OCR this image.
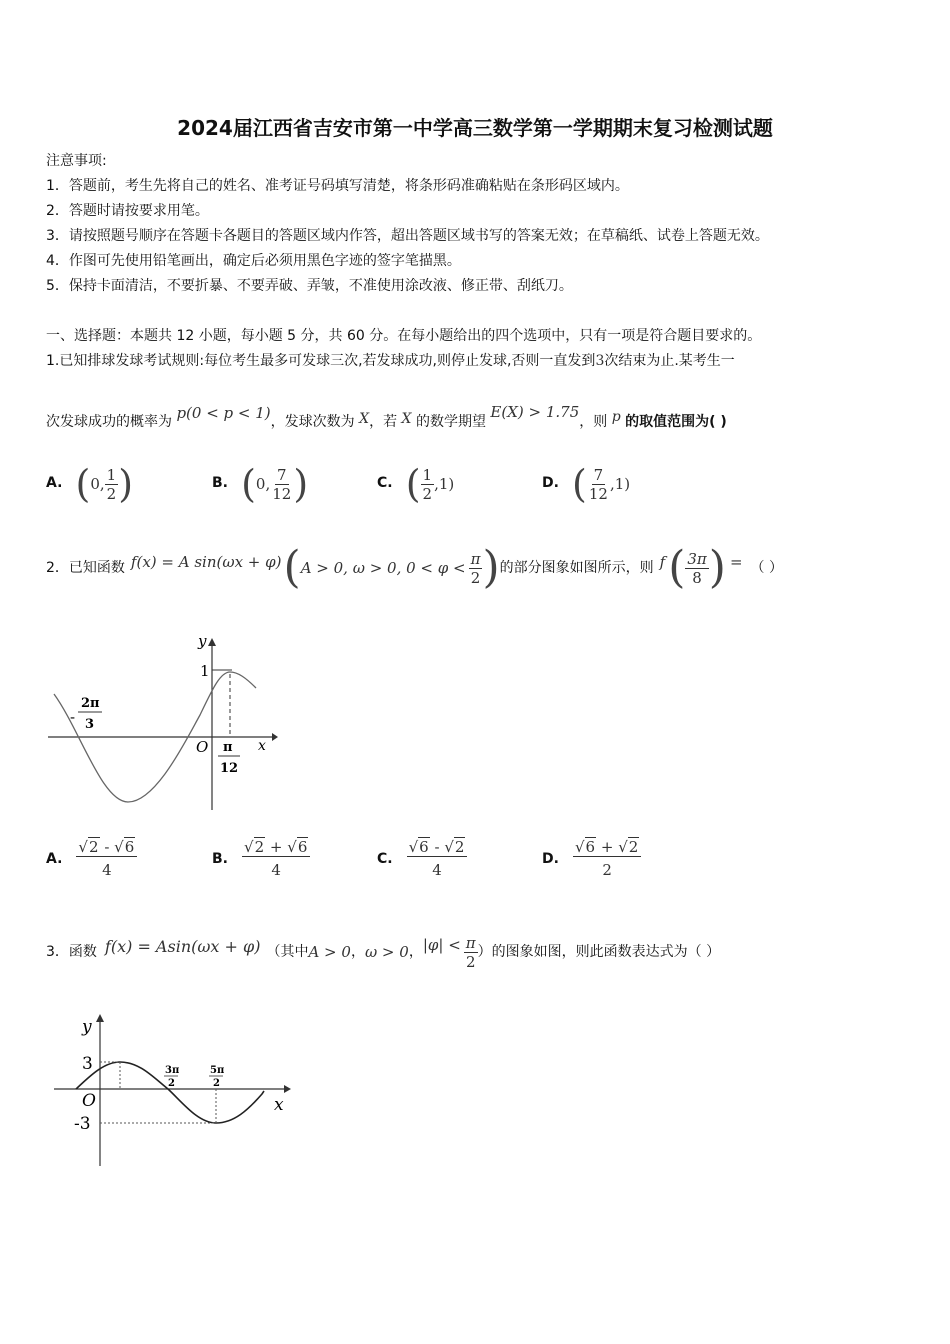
2024届江西省吉安市第一中学高三数学第一学期期末复习检测试题
注意事项:
1．答题前，考生先将自己的姓名、准考证号码填写清楚，将条形码准确粘贴在条形码区域内。
2．答题时请按要求用笔。
3．请按照题号顺序在答题卡各题目的答题区域内作答，超出答题区域书写的答案无效；在草稿纸、试卷上答题无效。
4．作图可先使用铅笔画出，确定后必须用黑色字迹的签字笔描黑。
5．保持卡面清洁，不要折暴、不要弄破、弄皱，不准使用涂改液、修正带、刮纸刀。
一、选择题：本题共 12 小题，每小题 5 分，共 60 分。在每小题给出的四个选项中，只有一项是符合题目要求的。
1.已知排球发球考试规则:每位考生最多可发球三次,若发球成功,则停止发球,否则一直发到3次结束为止.某考生一
次发球成功的概率为 p(0 < p < 1)，发球次数为 X，若 X 的数学期望 E(X) > 1.75，则 p 的取值范围为( )
A. (0, $\frac{1}{2}$ )	B. (0, $\frac{7}{12}$ )	C. ( $\frac{1}{2} ,1$)	D. ( $\frac{7}{12} ,1$)
2．已知函数 f(x) = A sin(ωx + φ) ( A > 0, ω > 0, $0 < \varphi < \frac{\pi}{2}$ ) 的部分图象如图所示，则 f ( $\frac{3\pi}{8}$ ) = （ ）
y
x
O
1
-
2π
3
π
12
A. $\frac{√2 - √6}{4}$	B. $\frac{√2 + √6}{4}$	C. $\frac{√6 - √2}{4}$	D. $\frac{√6 + √2}{2}$
3．函数 f(x) = Asin(ωx + φ) （其中 A > 0 ， ω > 0 ， $|\varphi| < \frac{\pi}{2}$ ）的图象如图，则此函数表达式为（ ）
y
x
O
3
-3
3π
2
5π
2
